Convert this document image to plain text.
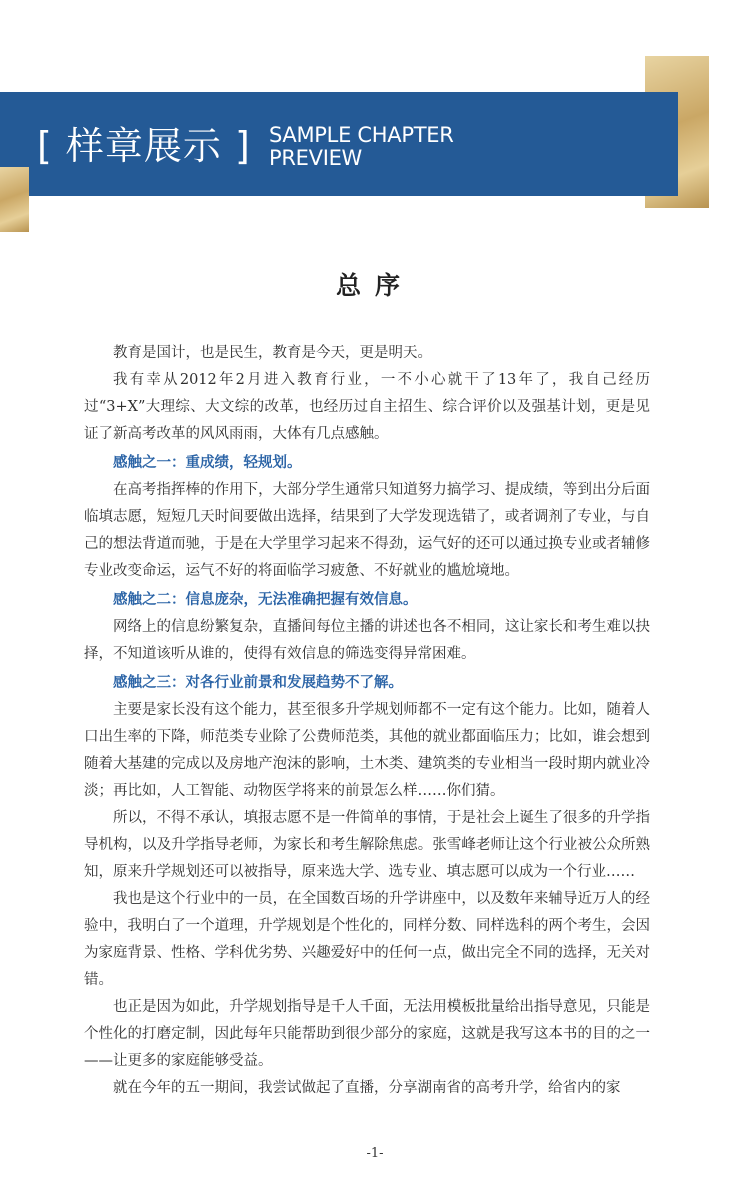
[ 样章展示 ] SAMPLE CHAPTER
PREVIEW
总序

教育是国计，也是民生，教育是今天，更是明天。

我有幸从2012年2月进入教育行业，一不小心就干了13年了，我自己经历过“3+X”大理综、大文综的改革，也经历过自主招生、综合评价以及强基计划，更是见证了新高考改革的风风雨雨，大体有几点感触。

感触之一：重成绩，轻规划。

在高考指挥棒的作用下，大部分学生通常只知道努力搞学习、提成绩，等到出分后面临填志愿，短短几天时间要做出选择，结果到了大学发现选错了，或者调剂了专业，与自己的想法背道而驰，于是在大学里学习起来不得劲，运气好的还可以通过换专业或者辅修专业改变命运，运气不好的将面临学习疲惫、不好就业的尴尬境地。

感触之二：信息庞杂，无法准确把握有效信息。

网络上的信息纷繁复杂，直播间每位主播的讲述也各不相同，这让家长和考生难以抉择，不知道该听从谁的，使得有效信息的筛选变得异常困难。

感触之三：对各行业前景和发展趋势不了解。

主要是家长没有这个能力，甚至很多升学规划师都不一定有这个能力。比如，随着人口出生率的下降，师范类专业除了公费师范类，其他的就业都面临压力；比如，谁会想到随着大基建的完成以及房地产泡沫的影响，土木类、建筑类的专业相当一段时期内就业冷淡；再比如，人工智能、动物医学将来的前景怎么样……你们猜。

所以，不得不承认，填报志愿不是一件简单的事情，于是社会上诞生了很多的升学指导机构，以及升学指导老师，为家长和考生解除焦虑。张雪峰老师让这个行业被公众所熟知，原来升学规划还可以被指导，原来选大学、选专业、填志愿可以成为一个行业……

我也是这个行业中的一员，在全国数百场的升学讲座中，以及数年来辅导近万人的经验中，我明白了一个道理，升学规划是个性化的，同样分数、同样选科的两个考生，会因为家庭背景、性格、学科优劣势、兴趣爱好中的任何一点，做出完全不同的选择，无关对错。

也正是因为如此，升学规划指导是千人千面，无法用模板批量给出指导意见，只能是个性化的打磨定制，因此每年只能帮助到很少部分的家庭，这就是我写这本书的目的之一——让更多的家庭能够受益。

就在今年的五一期间，我尝试做起了直播，分享湖南省的高考升学，给省内的家

-1-
